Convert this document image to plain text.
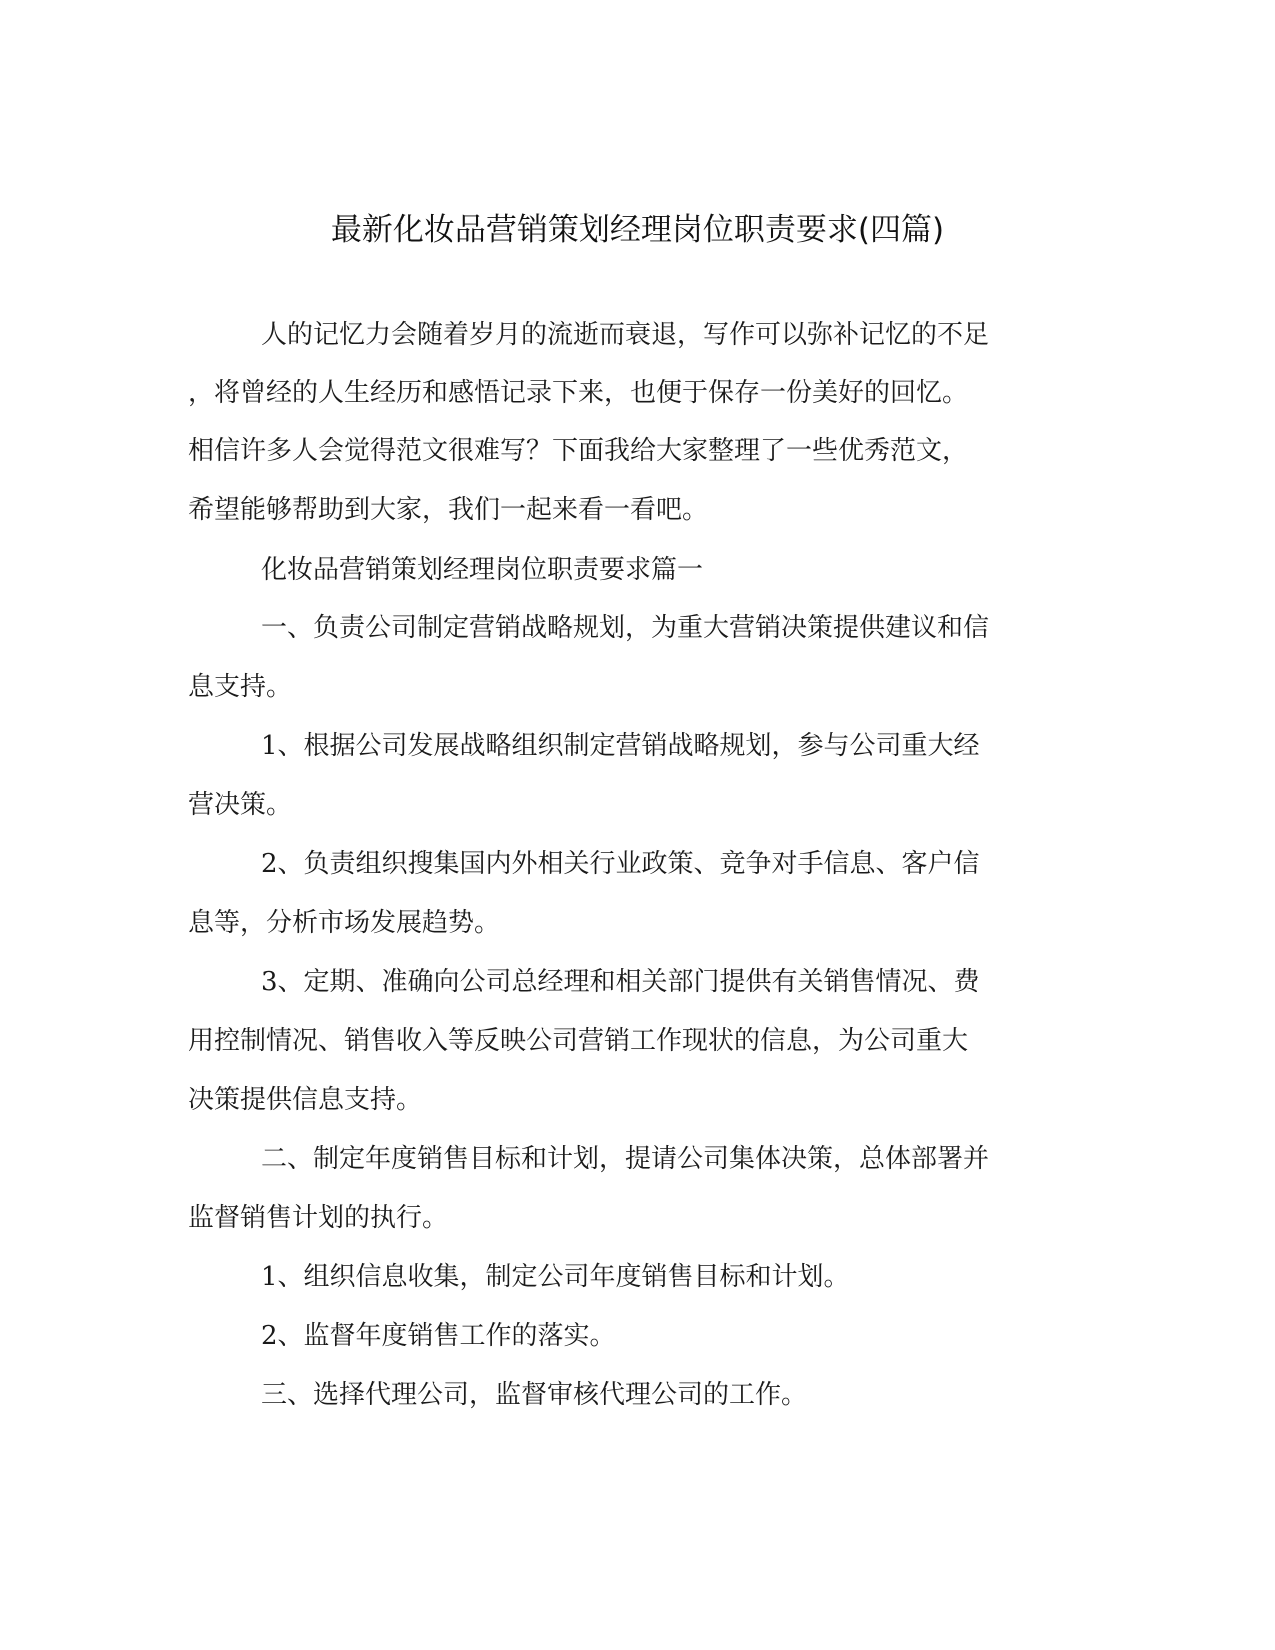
最新化妆品营销策划经理岗位职责要求(四篇)
人的记忆力会随着岁月的流逝而衰退，写作可以弥补记忆的不足
，将曾经的人生经历和感悟记录下来，也便于保存一份美好的回忆。
相信许多人会觉得范文很难写？下面我给大家整理了一些优秀范文，
希望能够帮助到大家，我们一起来看一看吧。
化妆品营销策划经理岗位职责要求篇一
一、负责公司制定营销战略规划，为重大营销决策提供建议和信
息支持。
1、根据公司发展战略组织制定营销战略规划，参与公司重大经
营决策。
2、负责组织搜集国内外相关行业政策、竞争对手信息、客户信
息等，分析市场发展趋势。
3、定期、准确向公司总经理和相关部门提供有关销售情况、费
用控制情况、销售收入等反映公司营销工作现状的信息，为公司重大
决策提供信息支持。
二、制定年度销售目标和计划，提请公司集体决策，总体部署并
监督销售计划的执行。
1、组织信息收集，制定公司年度销售目标和计划。
2、监督年度销售工作的落实。
三、选择代理公司，监督审核代理公司的工作。
